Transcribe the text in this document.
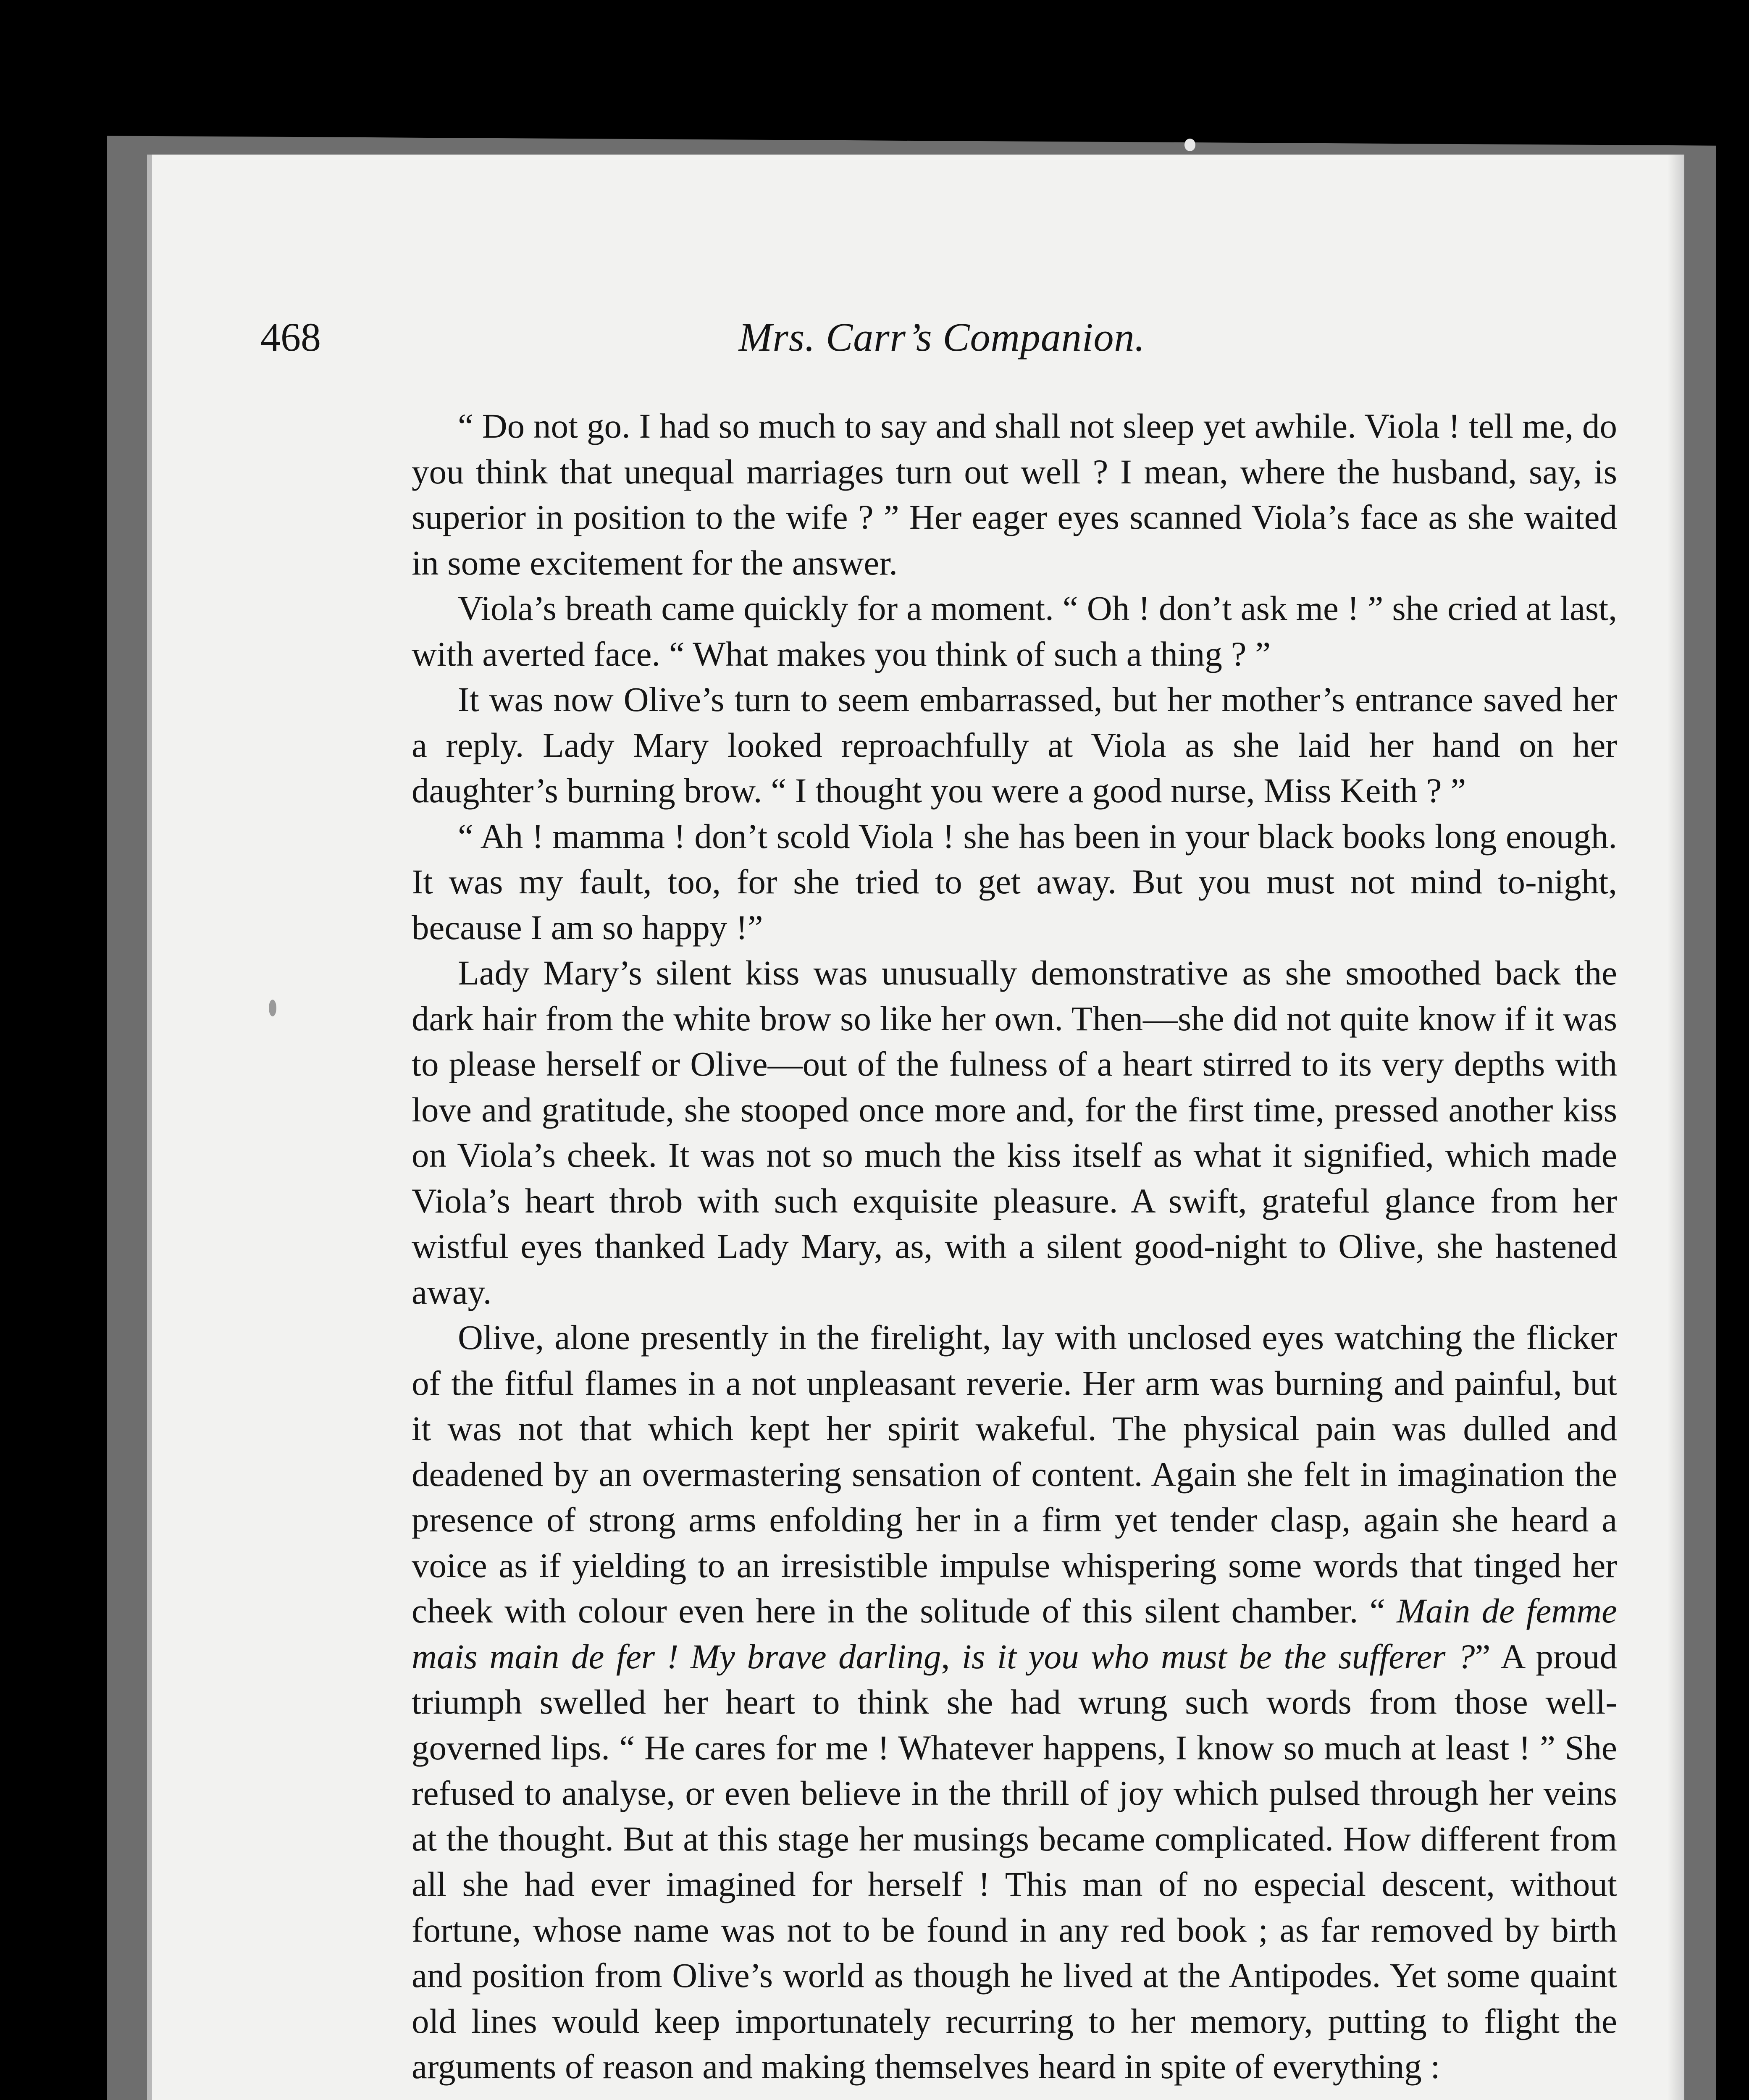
468	Mrs. Carr’s Companion.

“ Do not go. I had so much to say and shall not sleep yet awhile. Viola ! tell me, do you think that unequal marriages turn out well ? I mean, where the husband, say, is superior in position to the wife ? ” Her eager eyes scanned Viola’s face as she waited in some excitement for the answer.

Viola’s breath came quickly for a moment. “ Oh ! don’t ask me ! ” she cried at last, with averted face. “ What makes you think of such a thing ? ”

It was now Olive’s turn to seem embarrassed, but her mother’s entrance saved her a reply. Lady Mary looked reproachfully at Viola as she laid her hand on her daughter’s burning brow. “ I thought you were a good nurse, Miss Keith ? ”

“ Ah ! mamma ! don’t scold Viola ! she has been in your black books long enough. It was my fault, too, for she tried to get away. But you must not mind to-night, because I am so happy !”

Lady Mary’s silent kiss was unusually demonstrative as she smoothed back the dark hair from the white brow so like her own. Then—she did not quite know if it was to please herself or Olive—out of the fulness of a heart stirred to its very depths with love and gratitude, she stooped once more and, for the first time, pressed another kiss on Viola’s cheek. It was not so much the kiss itself as what it signified, which made Viola’s heart throb with such exquisite pleasure. A swift, grateful glance from her wistful eyes thanked Lady Mary, as, with a silent good-night to Olive, she hastened away.

Olive, alone presently in the firelight, lay with unclosed eyes watching the flicker of the fitful flames in a not unpleasant reverie. Her arm was burning and painful, but it was not that which kept her spirit wakeful. The physical pain was dulled and deadened by an overmastering sensation of content. Again she felt in imagination the presence of strong arms enfolding her in a firm yet tender clasp, again she heard a voice as if yielding to an irresistible impulse whispering some words that tinged her cheek with colour even here in the solitude of this silent chamber. “ Main de femme mais main de fer ! My brave darling, is it you who must be the sufferer ?” A proud triumph swelled her heart to think she had wrung such words from those well-governed lips. “ He cares for me ! Whatever happens, I know so much at least ! ” She refused to analyse, or even believe in the thrill of joy which pulsed through her veins at the thought. But at this stage her musings became complicated. How different from all she had ever imagined for herself ! This man of no especial descent, without fortune, whose name was not to be found in any red book ; as far removed by birth and position from Olive’s world as though he lived at the Antipodes. Yet some quaint old lines would keep importunately recurring to her memory, putting to flight the arguments of reason and making themselves heard in spite of everything :
